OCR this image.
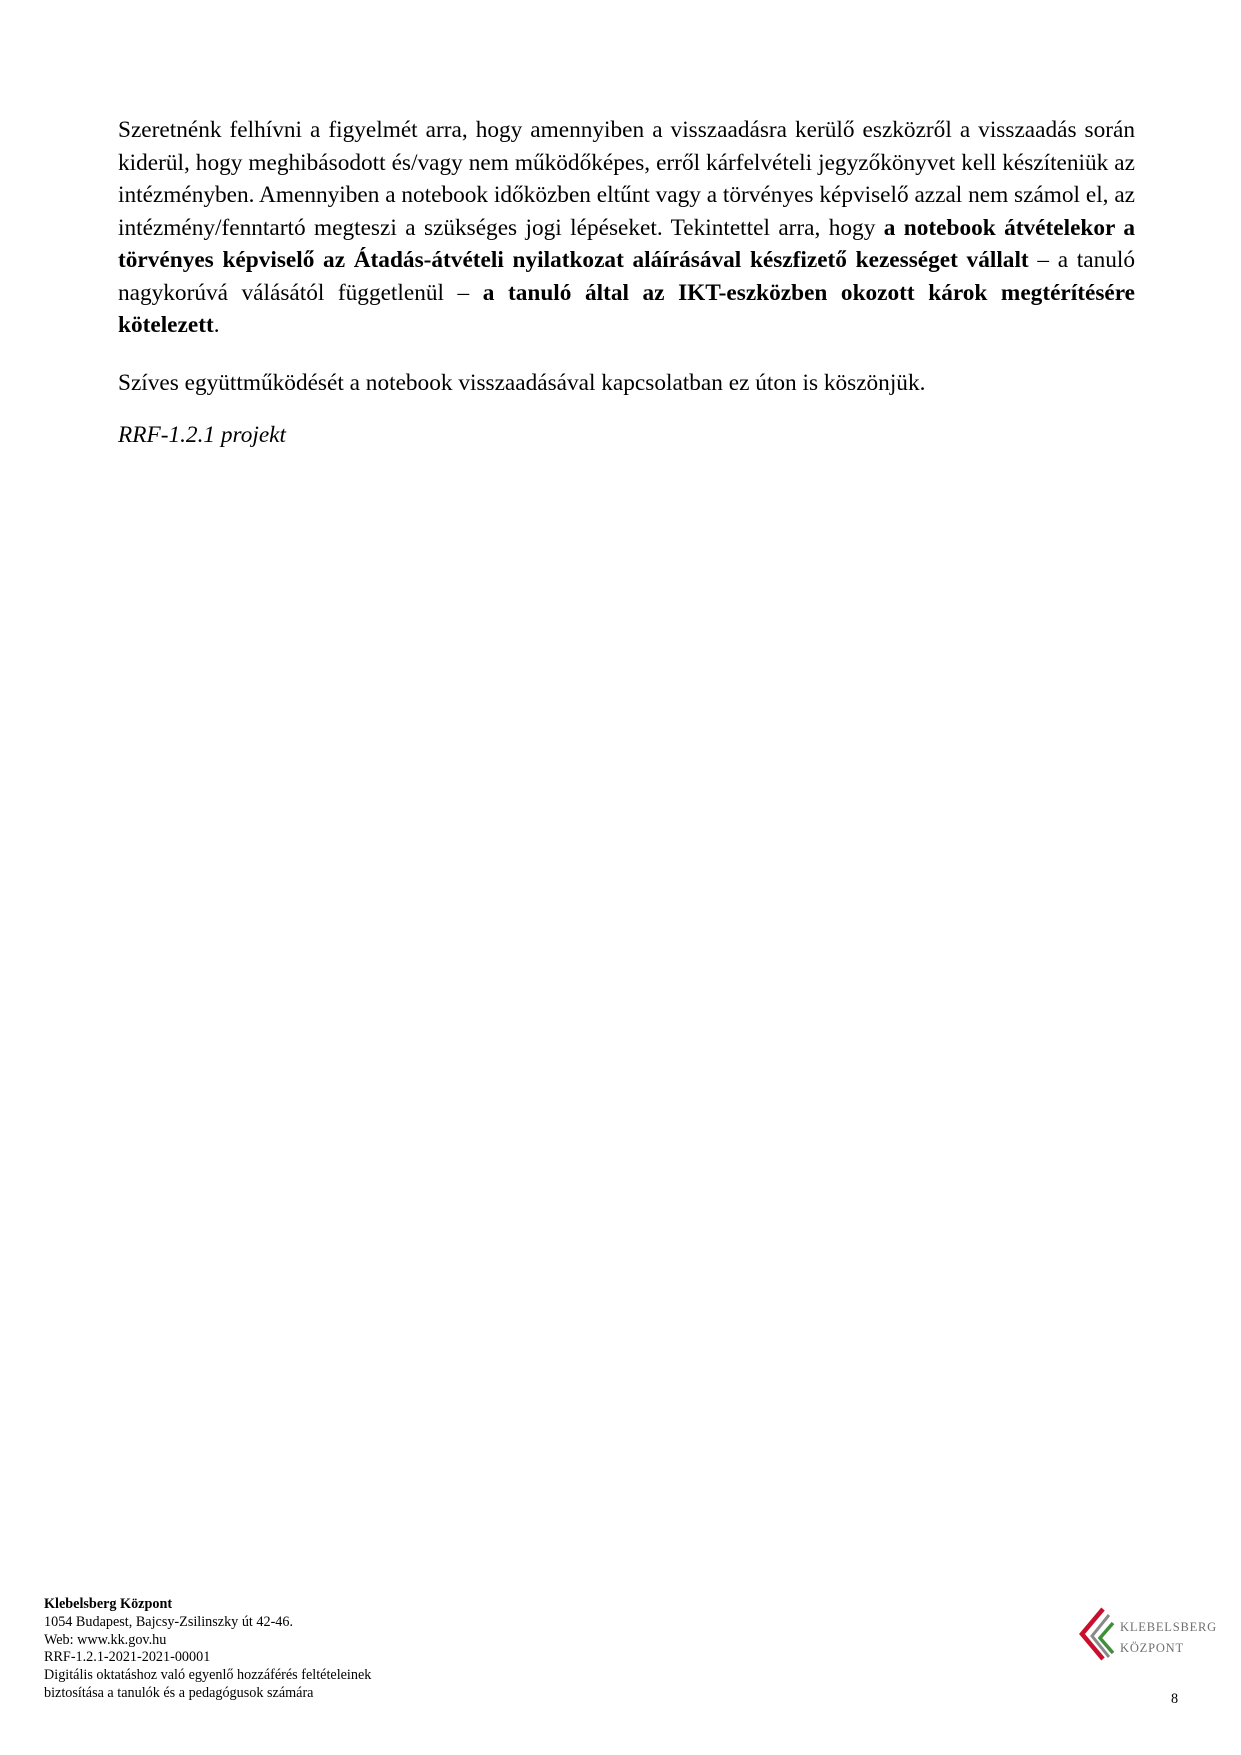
Szeretnénk felhívni a figyelmét arra, hogy amennyiben a visszaadásra kerülő eszközről a visszaadás során kiderül, hogy meghibásodott és/vagy nem működőképes, erről kárfelvételi jegyzőkönyvet kell készíteniük az intézményben. Amennyiben a notebook időközben eltűnt vagy a törvényes képviselő azzal nem számol el, az intézmény/fenntartó megteszi a szükséges jogi lépéseket. Tekintettel arra, hogy a notebook átvételekor a törvényes képviselő az Átadás-átvételi nyilatkozat aláírásával készfizető kezességet vállalt – a tanuló nagykorúvá válásától függetlenül – a tanuló által az IKT-eszközben okozott károk megtérítésére kötelezett.

Szíves együttműködését a notebook visszaadásával kapcsolatban ez úton is köszönjük.

RRF-1.2.1 projekt
Klebelsberg Központ
1054 Budapest, Bajcsy-Zsilinszky út 42-46.
Web: www.kk.gov.hu
RRF-1.2.1-2021-2021-00001
Digitális oktatáshoz való egyenlő hozzáférés feltételeinek
biztosítása a tanulók és a pedagógusok számára
KLEBELSBERG
KÖZPONT
8
